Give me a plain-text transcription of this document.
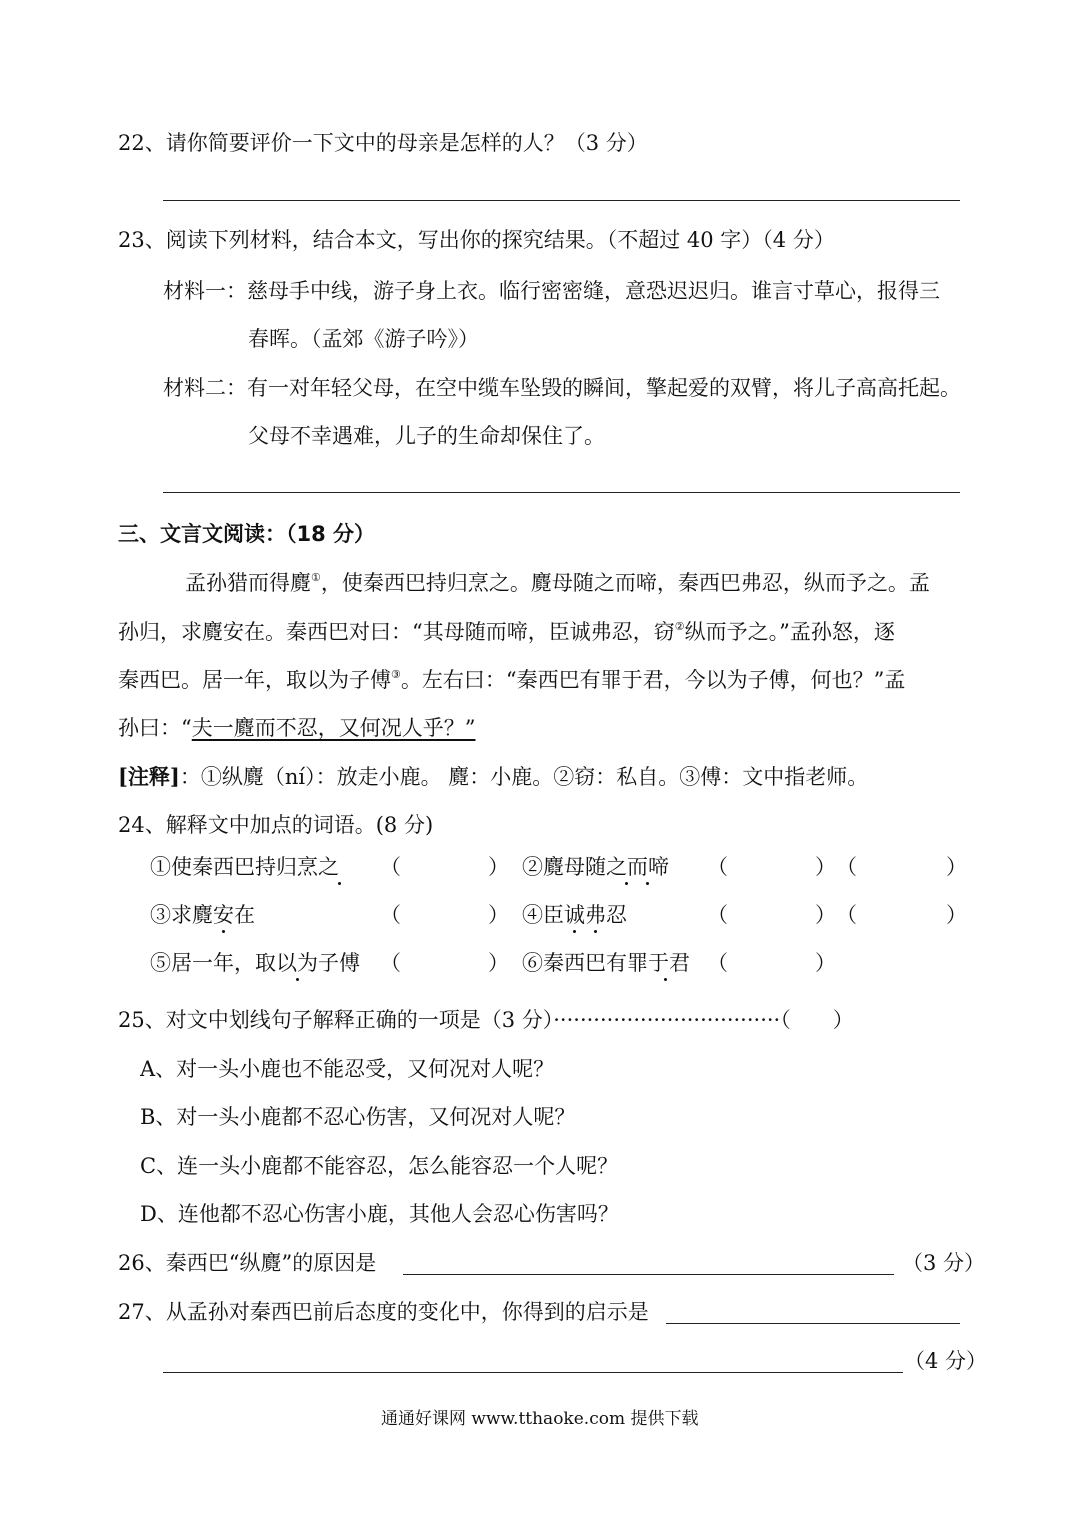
22、请你简要评价一下文中的母亲是怎样的人？（3 分）
23、阅读下列材料，结合本文，写出你的探究结果。（不超过 40 字）（4 分）
材料一：慈母手中线，游子身上衣。临行密密缝，意恐迟迟归。谁言寸草心，报得三
春晖。（孟郊《游子吟》）
材料二：有一对年轻父母，在空中缆车坠毁的瞬间，擎起爱的双臂，将儿子高高托起。
父母不幸遇难，儿子的生命却保住了。
三、文言文阅读：（18 分）
孟孙猎而得麑①，使秦西巴持归烹之。麑母随之而啼，秦西巴弗忍，纵而予之。孟
孙归，求麑安在。秦西巴对曰：“其母随而啼，臣诚弗忍，窃②纵而予之。”孟孙怒，逐
秦西巴。居一年，取以为子傅③。左右曰：“秦西巴有罪于君，今以为子傅，何也？”孟
孙曰：“夫一麑而不忍，又何况人乎？”
[注释]：①纵麑（ní）：放走小鹿。 麑：小鹿。②窃：私自。③傅：文中指老师。
24、解释文中加点的词语。(8 分)
①使秦西巴持归烹之 （	） ②麑母随之而啼 （	） （	）
③求麑安在	（	） ④臣诚弗忍	（	） （	）
⑤居一年，取以为子傅 （	） ⑥秦西巴有罪于君 （	）
25、对文中划线句子解释正确的一项是（3 分）··································（　　）
A、对一头小鹿也不能忍受，又何况对人呢？
B、对一头小鹿都不忍心伤害，又何况对人呢？
C、连一头小鹿都不能容忍，怎么能容忍一个人呢？
D、连他都不忍心伤害小鹿，其他人会忍心伤害吗？
26、秦西巴“纵麑”的原因是	（3 分）
27、从孟孙对秦西巴前后态度的变化中，你得到的启示是
（4 分）
通通好课网 www.tthaoke.com 提供下载
